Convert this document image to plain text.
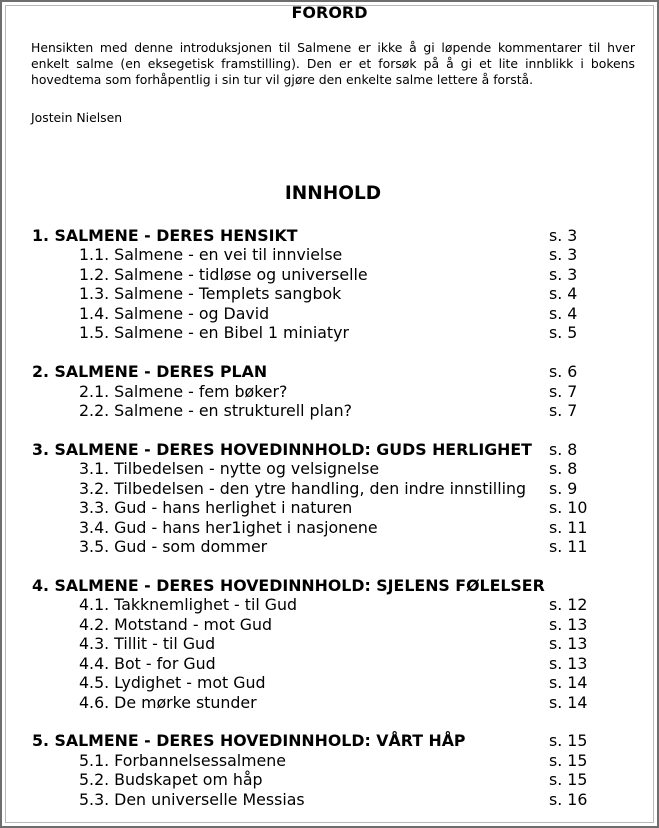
FORORD
Hensikten med denne introduksjonen til Salmene er ikke å gi løpende kommentarer til hver enkelt salme (en eksegetisk framstilling). Den er et forsøk på å gi et lite innblikk i bokens hovedtema som forhåpentlig i sin tur vil gjøre den enkelte salme lettere å forstå.
Jostein Nielsen
INNHOLD
1. SALMENE - DERES HENSIKT	s. 3
1.1. Salmene - en vei til innvielse	s. 3
1.2. Salmene - tidløse og universelle	s. 3
1.3. Salmene - Templets sangbok	s. 4
1.4. Salmene - og David	s. 4
1.5. Salmene - en Bibel 1 miniatyr	s. 5
2. SALMENE - DERES PLAN	s. 6
2.1. Salmene - fem bøker?	s. 7
2.2. Salmene - en strukturell plan?	s. 7
3. SALMENE - DERES HOVEDINNHOLD: GUDS HERLIGHET s. 8
3.1. Tilbedelsen - nytte og velsignelse	s. 8
3.2. Tilbedelsen - den ytre handling, den indre innstilling s. 9
3.3. Gud - hans herlighet i naturen	s. 10
3.4. Gud - hans her1ighet i nasjonene	s. 11
3.5. Gud - som dommer	s. 11
4. SALMENE - DERES HOVEDINNHOLD: SJELENS FØLELSER
4.1. Takknemlighet - til Gud	s. 12
4.2. Motstand - mot Gud	s. 13
4.3. Tillit - til Gud	s. 13
4.4. Bot - for Gud	s. 13
4.5. Lydighet - mot Gud	s. 14
4.6. De mørke stunder	s. 14
5. SALMENE - DERES HOVEDINNHOLD: VÅRT HÅP	s. 15
5.1. Forbannelsessalmene	s. 15
5.2. Budskapet om håp	s. 15
5.3. Den universelle Messias	s. 16
